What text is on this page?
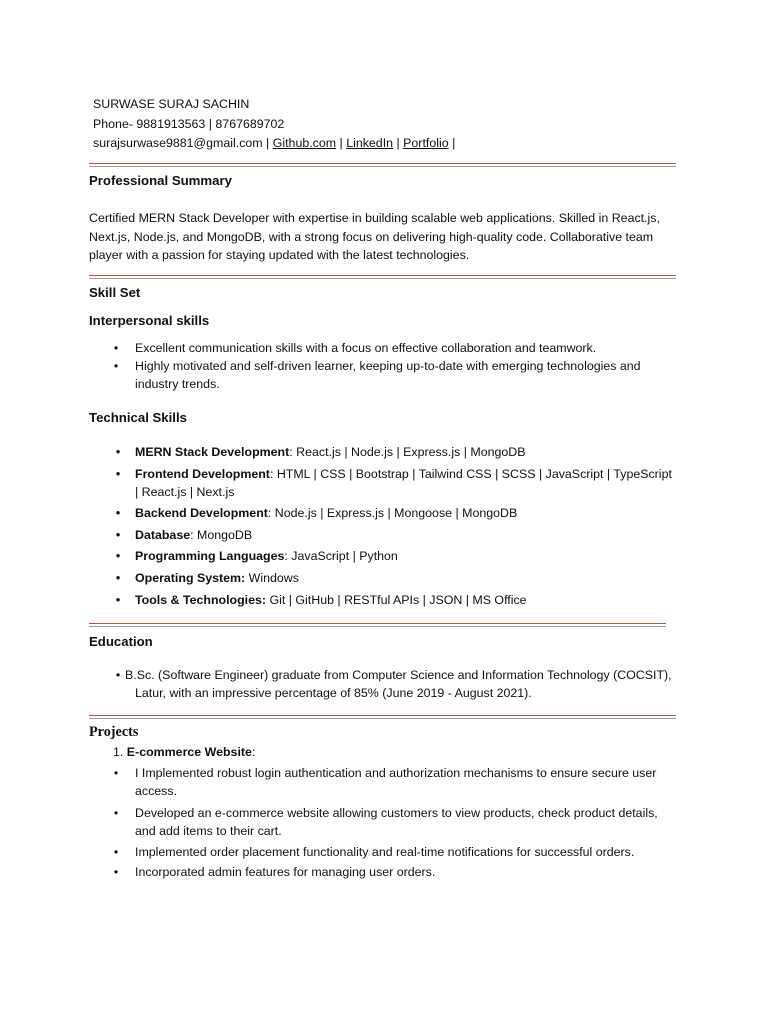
SURWASE SURAJ SACHIN
Phone- 9881913563 | 8767689702
surajsurwase9881@gmail.com | Github.com | LinkedIn | Portfolio |
Professional Summary
Certified MERN Stack Developer with expertise in building scalable web applications. Skilled in React.js,
Next.js, Node.js, and MongoDB, with a strong focus on delivering high-quality code. Collaborative team
player with a passion for staying updated with the latest technologies.
Skill Set
Interpersonal skills
• Excellent communication skills with a focus on effective collaboration and teamwork.
• Highly motivated and self-driven learner, keeping up-to-date with emerging technologies and
industry trends.
Technical Skills
• MERN Stack Development: React.js | Node.js | Express.js | MongoDB
• Frontend Development: HTML | CSS | Bootstrap | Tailwind CSS | SCSS | JavaScript | TypeScript
| React.js | Next.js
• Backend Development: Node.js | Express.js | Mongoose | MongoDB
• Database: MongoDB
• Programming Languages: JavaScript | Python
• Operating System: Windows
• Tools & Technologies: Git | GitHub | RESTful APIs | JSON | MS Office
Education
• B.Sc. (Software Engineer) graduate from Computer Science and Information Technology (COCSIT),
Latur, with an impressive percentage of 85% (June 2019 - August 2021).
Projects
1. E-commerce Website:
• I Implemented robust login authentication and authorization mechanisms to ensure secure user
access.
• Developed an e-commerce website allowing customers to view products, check product details,
and add items to their cart.
• Implemented order placement functionality and real-time notifications for successful orders.
• Incorporated admin features for managing user orders.
